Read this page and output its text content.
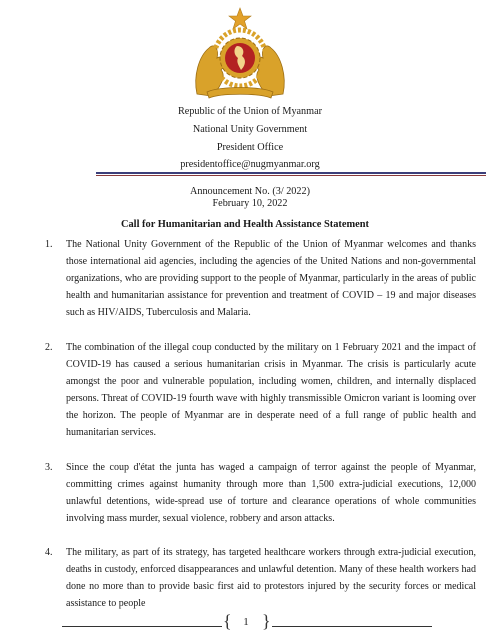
Republic of the Union of Myanmar
National Unity Government
President Office
presidentoffice@nugmyanmar.org
Announcement No. (3/ 2022)
February 10, 2022
Call for Humanitarian and Health Assistance Statement
1. The National Unity Government of the Republic of the Union of Myanmar welcomes and thanks those international aid agencies, including the agencies of the United Nations and non-governmental organizations, who are providing support to the people of Myanmar, particularly in the areas of public health and humanitarian assistance for prevention and treatment of COVID – 19 and major diseases such as HIV/AIDS, Tuberculosis and Malaria.
2. The combination of the illegal coup conducted by the military on 1 February 2021 and the impact of COVID-19 has caused a serious humanitarian crisis in Myanmar. The crisis is particularly acute amongst the poor and vulnerable population, including women, children, and internally displaced persons. Threat of COVID-19 fourth wave with highly transmissible Omicron variant is looming over the horizon. The people of Myanmar are in desperate need of a full range of public health and humanitarian services.
3. Since the coup d'état the junta has waged a campaign of terror against the people of Myanmar, committing crimes against humanity through more than 1,500 extra-judicial executions, 12,000 unlawful detentions, wide-spread use of torture and clearance operations of whole communities involving mass murder, sexual violence, robbery and arson attacks.
4. The military, as part of its strategy, has targeted healthcare workers through extra-judicial execution, deaths in custody, enforced disappearances and unlawful detention. Many of these health workers had done no more than to provide basic first aid to protestors injured by the security forces or medical assistance to people
{ }
1
